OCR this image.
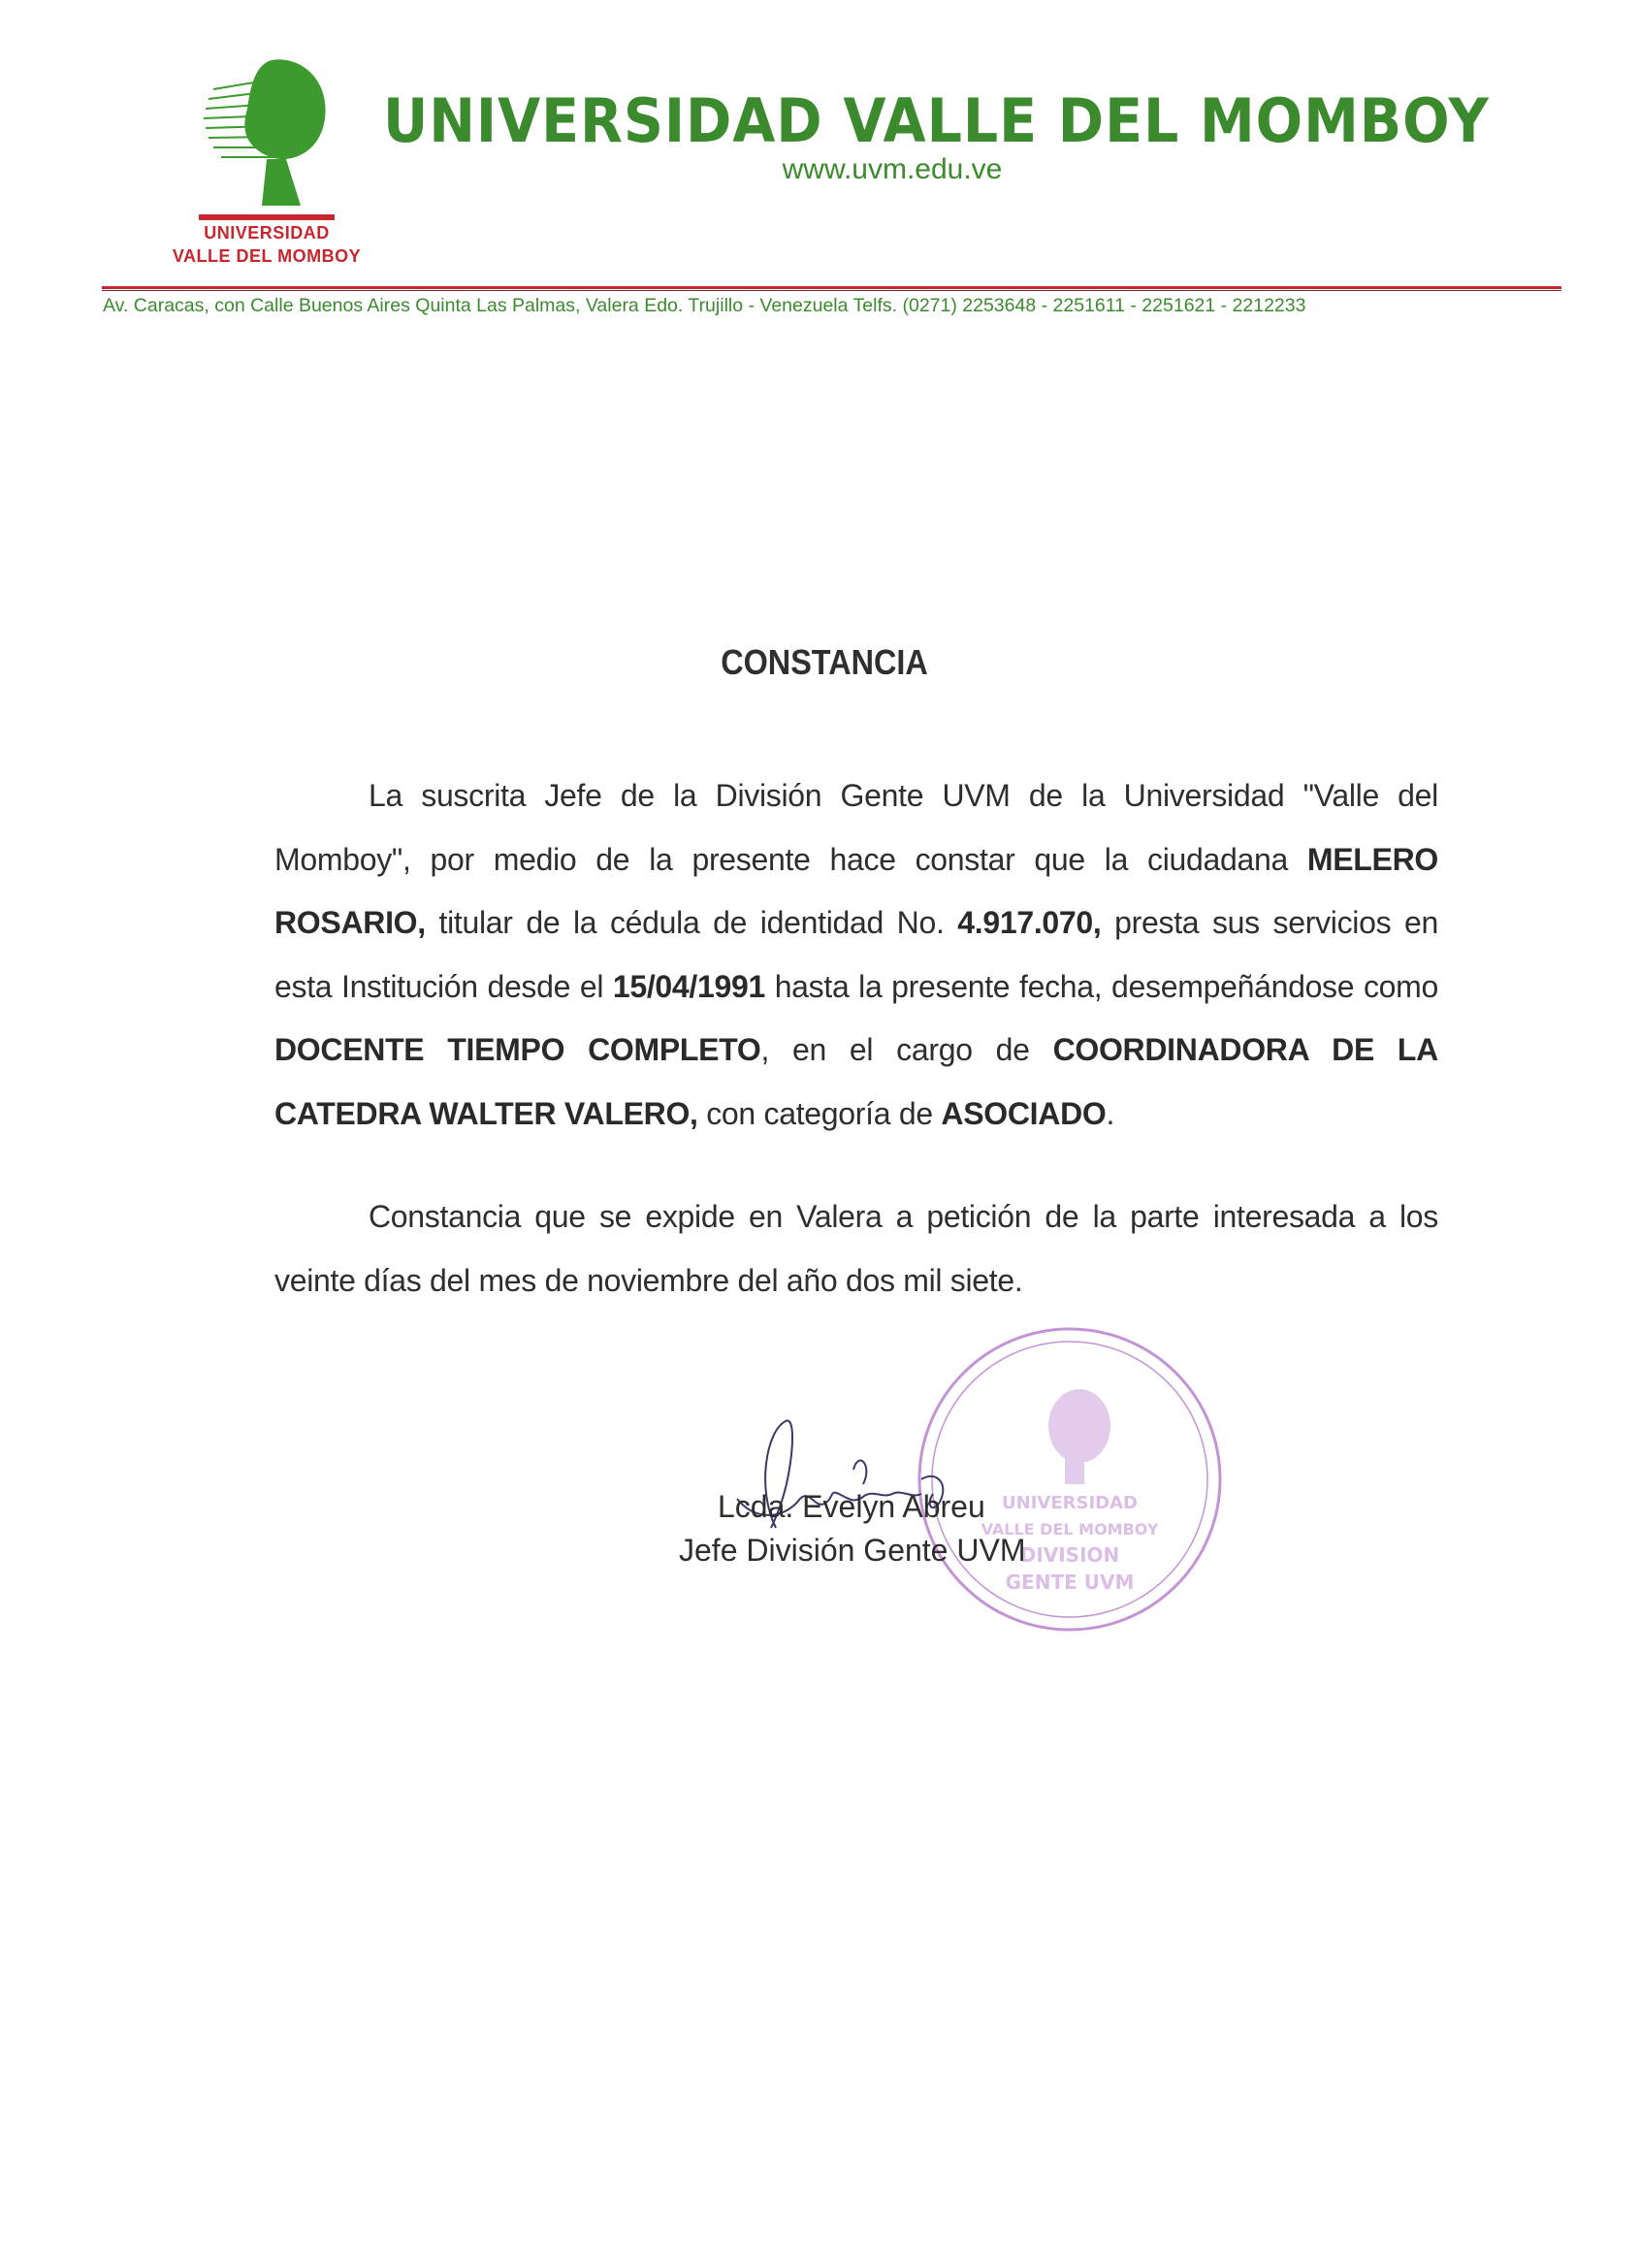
UNIVERSIDAD
VALLE DEL MOMBOY
UNIVERSIDAD VALLE DEL MOMBOY
www.uvm.edu.ve
Av. Caracas, con Calle Buenos Aires Quinta Las Palmas, Valera Edo. Trujillo - Venezuela Telfs. (0271) 2253648 - 2251611 - 2251621 - 2212233
CONSTANCIA
La suscrita Jefe de la División Gente UVM de la Universidad "Valle del
Momboy", por medio de la presente hace constar que la ciudadana MELERO
ROSARIO, titular de la cédula de identidad No. 4.917.070, presta sus servicios en
esta Institución desde el 15/04/1991 hasta la presente fecha, desempeñándose como
DOCENTE TIEMPO COMPLETO, en el cargo de COORDINADORA DE LA
CATEDRA WALTER VALERO, con categoría de ASOCIADO.
Constancia que se expide en Valera a petición de la parte interesada a los
veinte días del mes de noviembre del año dos mil siete.
UNIVERSIDAD
VALLE DEL MOMBOY
DIVISION
GENTE UVM
Lcda. Evelyn Abreu
Jefe División Gente UVM
